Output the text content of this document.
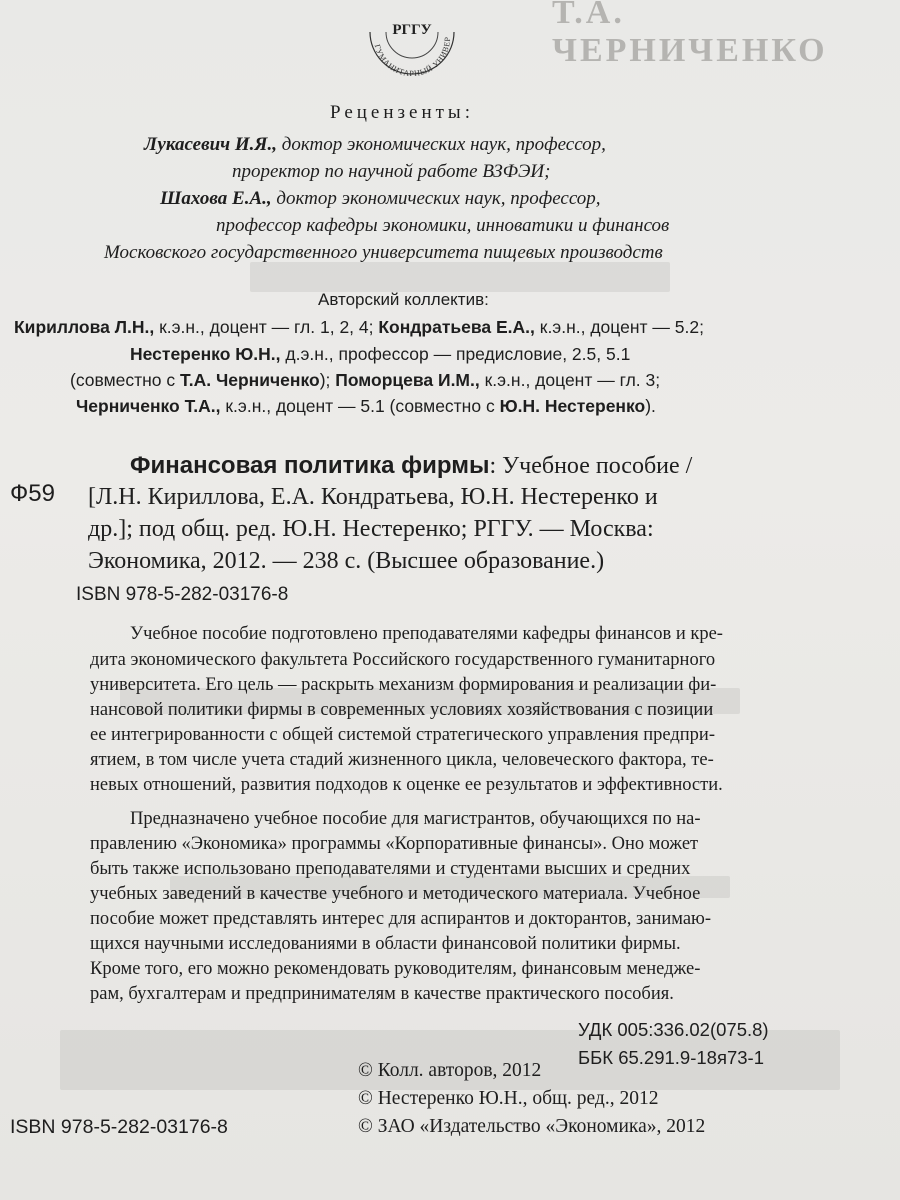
Т.А. ЧЕРНИЧЕНКО
ГУМАНИТАРНЫЙ УНИВЕР
РГГУ
Рецензенты:
Лукасевич И.Я., доктор экономических наук, профессор,
проректор по научной работе ВЗФЭИ;
Шахова Е.А., доктор экономических наук, профессор,
профессор кафедры экономики, инноватики и финансов
Московского государственного университета пищевых производств
Авторский коллектив:
Кириллова Л.Н., к.э.н., доцент — гл. 1, 2, 4; Кондратьева Е.А., к.э.н., доцент — 5.2;
Нестеренко Ю.Н., д.э.н., профессор — предисловие, 2.5, 5.1
(совместно с Т.А. Черниченко); Поморцева И.М., к.э.н., доцент — гл. 3;
Черниченко Т.А., к.э.н., доцент — 5.1 (совместно с Ю.Н. Нестеренко).
Ф59
Финансовая политика фирмы: Учебное пособие /
[Л.Н. Кириллова, Е.А. Кондратьева, Ю.Н. Нестеренко и
др.]; под общ. ред. Ю.Н. Нестеренко; РГГУ. — Москва:
Экономика, 2012. — 238 с. (Высшее образование.)
ISBN 978-5-282-03176-8
Учебное пособие подготовлено преподавателями кафедры финансов и кре-
дита экономического факультета Российского государственного гуманитарного
университета. Его цель — раскрыть механизм формирования и реализации фи-
нансовой политики фирмы в современных условиях хозяйствования с позиции
ее интегрированности с общей системой стратегического управления предпри-
ятием, в том числе учета стадий жизненного цикла, человеческого фактора, те-
невых отношений, развития подходов к оценке ее результатов и эффективности.
Предназначено учебное пособие для магистрантов, обучающихся по на-
правлению «Экономика» программы «Корпоративные финансы». Оно может
быть также использовано преподавателями и студентами высших и средних
учебных заведений в качестве учебного и методического материала. Учебное
пособие может представлять интерес для аспирантов и докторантов, занимаю-
щихся научными исследованиями в области финансовой политики фирмы.
Кроме того, его можно рекомендовать руководителям, финансовым менедже-
рам, бухгалтерам и предпринимателям в качестве практического пособия.
УДК 005:336.02(075.8)
ББК 65.291.9-18я73-1
© Колл. авторов, 2012
© Нестеренко Ю.Н., общ. ред., 2012
© ЗАО «Издательство «Экономика», 2012
ISBN 978-5-282-03176-8
